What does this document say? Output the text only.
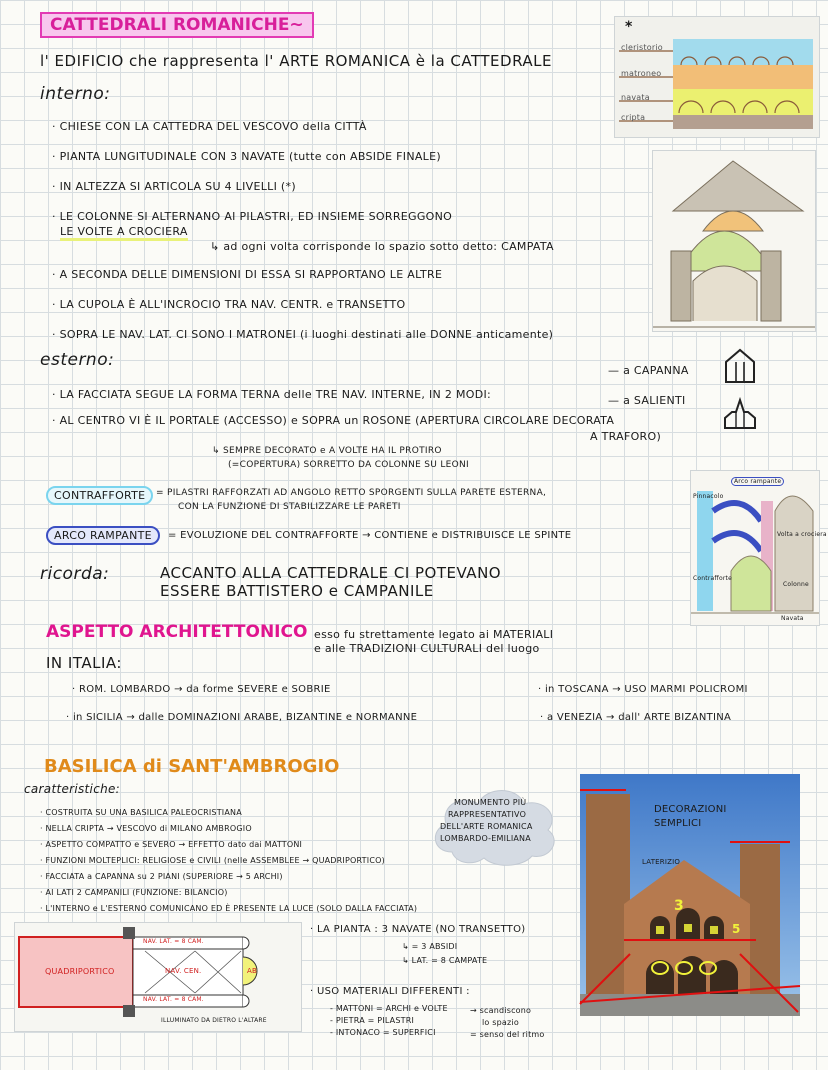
CATTEDRALI ROMANICHE~
l' EDIFICIO che rappresenta l' ARTE ROMANICA è la CATTEDRALE
interno:
· CHIESE CON LA CATTEDRA DEL VESCOVO della CITTÀ
· PIANTA LUNGITUDINALE CON 3 NAVATE (tutte con ABSIDE FINALE)
· IN ALTEZZA SI ARTICOLA SU 4 LIVELLI (*)
· LE COLONNE SI ALTERNANO AI PILASTRI, ED INSIEME SORREGGONO
LE VOLTE A CROCIERA
↳ ad ogni volta corrisponde lo spazio sotto detto: CAMPATA
· A SECONDA DELLE DIMENSIONI DI ESSA SI RAPPORTANO LE ALTRE
· LA CUPOLA È ALL'INCROCIO TRA NAV. CENTR. e TRANSETTO
· SOPRA LE NAV. LAT. CI SONO I MATRONEI (i luoghi destinati alle DONNE anticamente)
esterno:
· LA FACCIATA SEGUE LA FORMA TERNA delle TRE NAV. INTERNE, IN 2 MODI:
· AL CENTRO VI È IL PORTALE (ACCESSO) e SOPRA un ROSONE (APERTURA CIRCOLARE DECORATA
A TRAFORO)
↳ SEMPRE DECORATO e A VOLTE HA IL PROTIRO
(=COPERTURA) SORRETTO DA COLONNE SU LEONI
— a CAPANNA
— a SALIENTI
CONTRAFFORTE	= PILASTRI RAFFORZATI AD ANGOLO RETTO SPORGENTI SULLA PARETE ESTERNA,
CON LA FUNZIONE DI STABILIZZARE LE PARETI
ARCO RAMPANTE	= EVOLUZIONE DEL CONTRAFFORTE → CONTIENE e DISTRIBUISCE LE SPINTE
ricorda:	ACCANTO ALLA CATTEDRALE CI POTEVANO
ESSERE BATTISTERO e CAMPANILE
ASPETTO ARCHITETTONICO esso fu strettamente legato ai MATERIALI
e alle TRADIZIONI CULTURALI del luogo
IN ITALIA:
· ROM. LOMBARDO → da forme SEVERE e SOBRIE	· in TOSCANA → USO MARMI POLICROMI
· in SICILIA → dalle DOMINAZIONI ARABE, BIZANTINE e NORMANNE	· a VENEZIA → dall' ARTE BIZANTINA
BASILICA di SANT'AMBROGIO
caratteristiche:
· COSTRUITA SU UNA BASILICA PALEOCRISTIANA
· NELLA CRIPTA → VESCOVO di MILANO AMBROGIO
· ASPETTO COMPATTO e SEVERO → EFFETTO dato dai MATTONI
· FUNZIONI MOLTEPLICI: RELIGIOSE e CIVILI (nelle ASSEMBLEE → QUADRIPORTICO)
· FACCIATA a CAPANNA su 2 PIANI (SUPERIORE → 5 ARCHI)
· AI LATI 2 CAMPANILI (FUNZIONE: BILANCIO)
· L'INTERNO e L'ESTERNO COMUNICANO ED È PRESENTE LA LUCE (SOLO DALLA FACCIATA)
MONUMENTO PIÙ
RAPPRESENTATIVO
DELL'ARTE ROMANICA
LOMBARDO-EMILIANA
· LA PIANTA : 3 NAVATE (NO TRANSETTO)
↳ = 3 ABSIDI
↳ LAT. = 8 CAMPATE
· USO MATERIALI DIFFERENTI :
- MATTONI = ARCHI e VOLTE
- PIETRA = PILASTRI
- INTONACO = SUPERFICI
→ scandiscono
lo spazio
= senso del ritmo
*
cleristorio
matroneo
navata
cripta
Arco rampante
Pinnacolo
Contrafforte
Volta a crociera
Colonne
Navata
QUADRIPORTICO
NAV. LAT. = 8 CAM.
NAV. CEN.
NAV. LAT. = 8 CAM.
AB
ILLUMINATO DA DIETRO L'ALTARE
DECORAZIONI
SEMPLICI
LATERIZIO
3
5
